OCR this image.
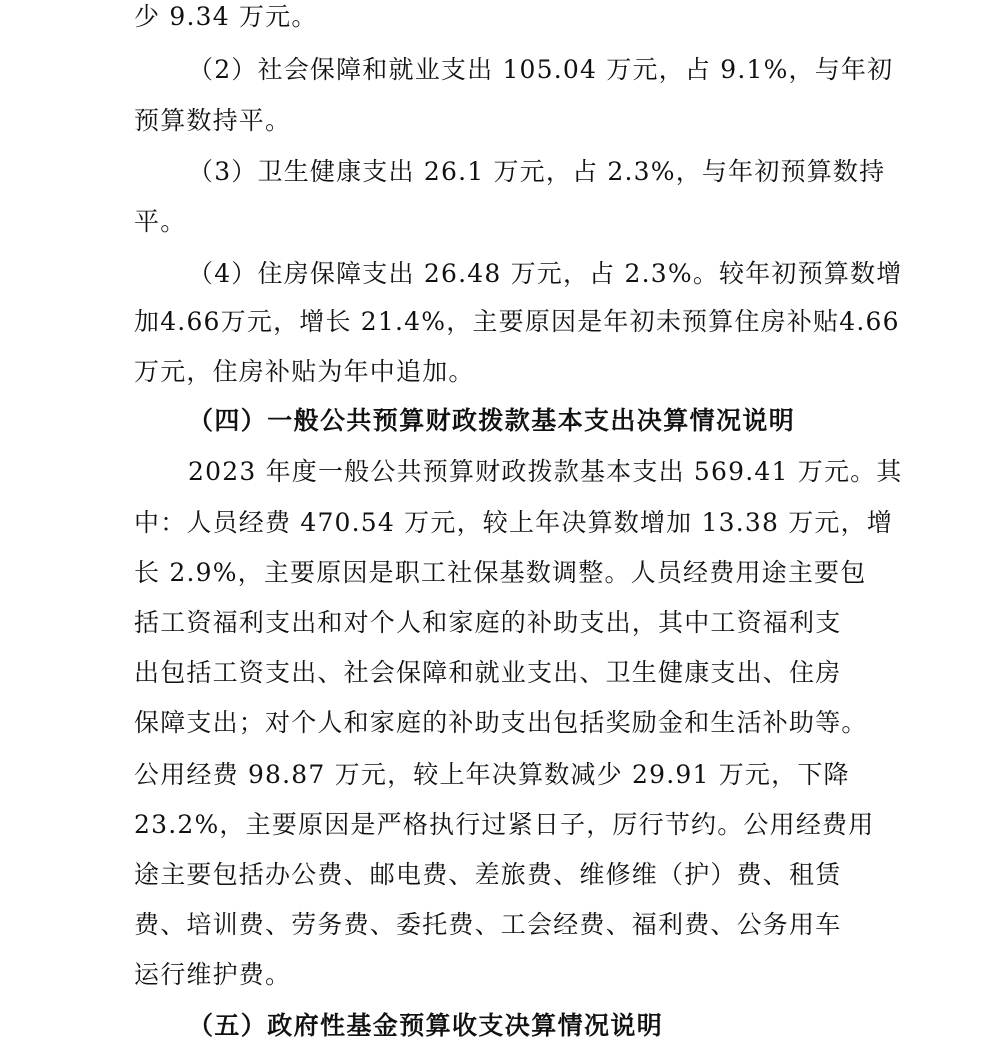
少 9.34 万元。
（2）社会保障和就业支出 105.04 万元，占 9.1%，与年初
预算数持平。
（3）卫生健康支出 26.1 万元，占 2.3%，与年初预算数持
平。
（4）住房保障支出 26.48 万元，占 2.3%。较年初预算数增
加4.66万元，增长 21.4%，主要原因是年初未预算住房补贴4.66
万元，住房补贴为年中追加。
（四）一般公共预算财政拨款基本支出决算情况说明
2023 年度一般公共预算财政拨款基本支出 569.41 万元。其
中：人员经费 470.54 万元，较上年决算数增加 13.38 万元，增
长 2.9%，主要原因是职工社保基数调整。人员经费用途主要包
括工资福利支出和对个人和家庭的补助支出，其中工资福利支
出包括工资支出、社会保障和就业支出、卫生健康支出、住房
保障支出；对个人和家庭的补助支出包括奖励金和生活补助等。
公用经费 98.87 万元，较上年决算数减少 29.91 万元，下降
23.2%，主要原因是严格执行过紧日子，厉行节约。公用经费用
途主要包括办公费、邮电费、差旅费、维修维（护）费、租赁
费、培训费、劳务费、委托费、工会经费、福利费、公务用车
运行维护费。
（五）政府性基金预算收支决算情况说明
